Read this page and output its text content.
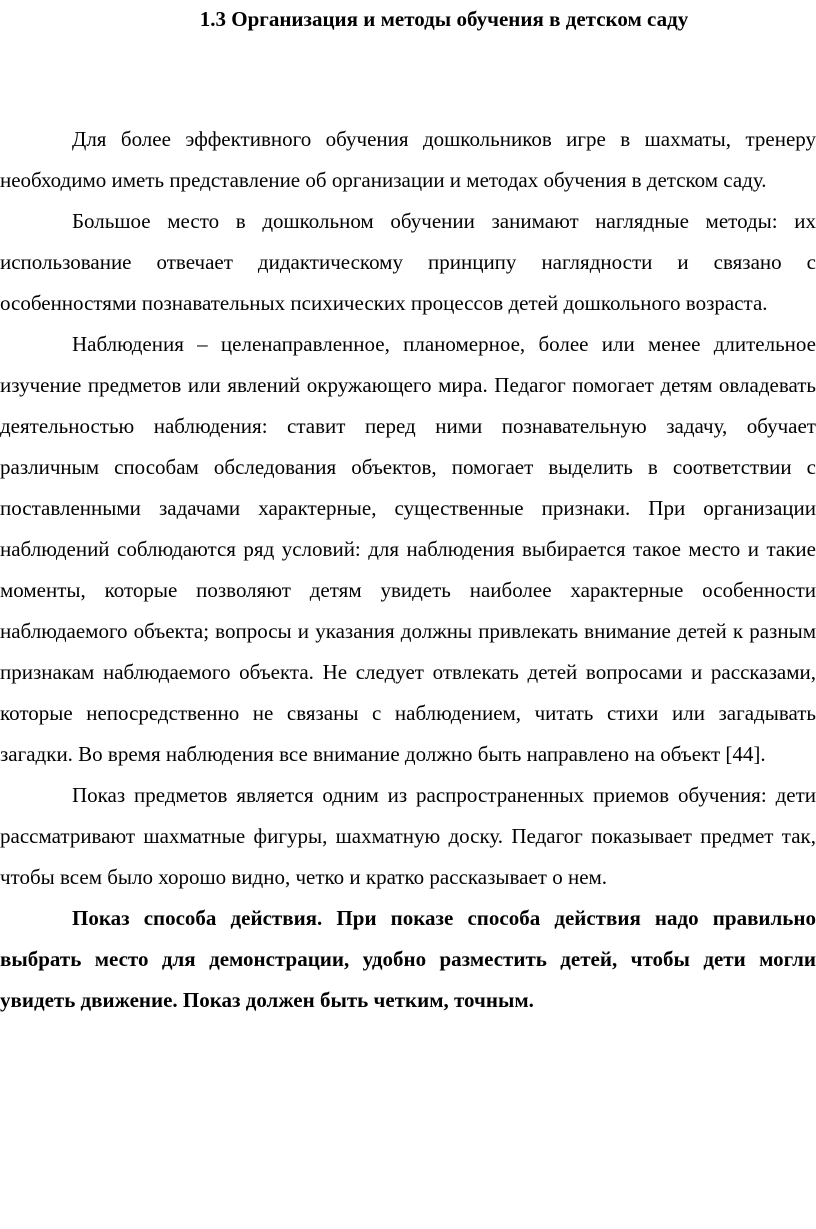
1.3 Организация и методы обучения в детском саду

Для более эффективного обучения дошкольников игре в шахматы, тренеру необходимо иметь представление об организации и методах обучения в детском саду.

Большое место в дошкольном обучении занимают наглядные методы: их использование отвечает дидактическому принципу наглядности и связано с особенностями познавательных психических процессов детей дошкольного возраста.

Наблюдения – целенаправленное, планомерное, более или менее длительное изучение предметов или явлений окружающего мира. Педагог помогает детям овладевать деятельностью наблюдения: ставит перед ними познавательную задачу, обучает различным способам обследования объектов, помогает выделить в соответствии с поставленными задачами характерные, существенные признаки. При организации наблюдений соблюдаются ряд условий: для наблюдения выбирается такое место и такие моменты, которые позволяют детям увидеть наиболее характерные особенности наблюдаемого объекта; вопросы и указания должны привлекать внимание детей к разным признакам наблюдаемого объекта. Не следует отвлекать детей вопросами и рассказами, которые непосредственно не связаны с наблюдением, читать стихи или загадывать загадки. Во время наблюдения все внимание должно быть направлено на объект [44].

Показ предметов является одним из распространенных приемов обучения: дети рассматривают шахматные фигуры, шахматную доску. Педагог показывает предмет так, чтобы всем было хорошо видно, четко и кратко рассказывает о нем.

Показ способа действия. При показе способа действия надо правильно выбрать место для демонстрации, удобно разместить детей, чтобы дети могли увидеть движение. Показ должен быть четким, точным.
